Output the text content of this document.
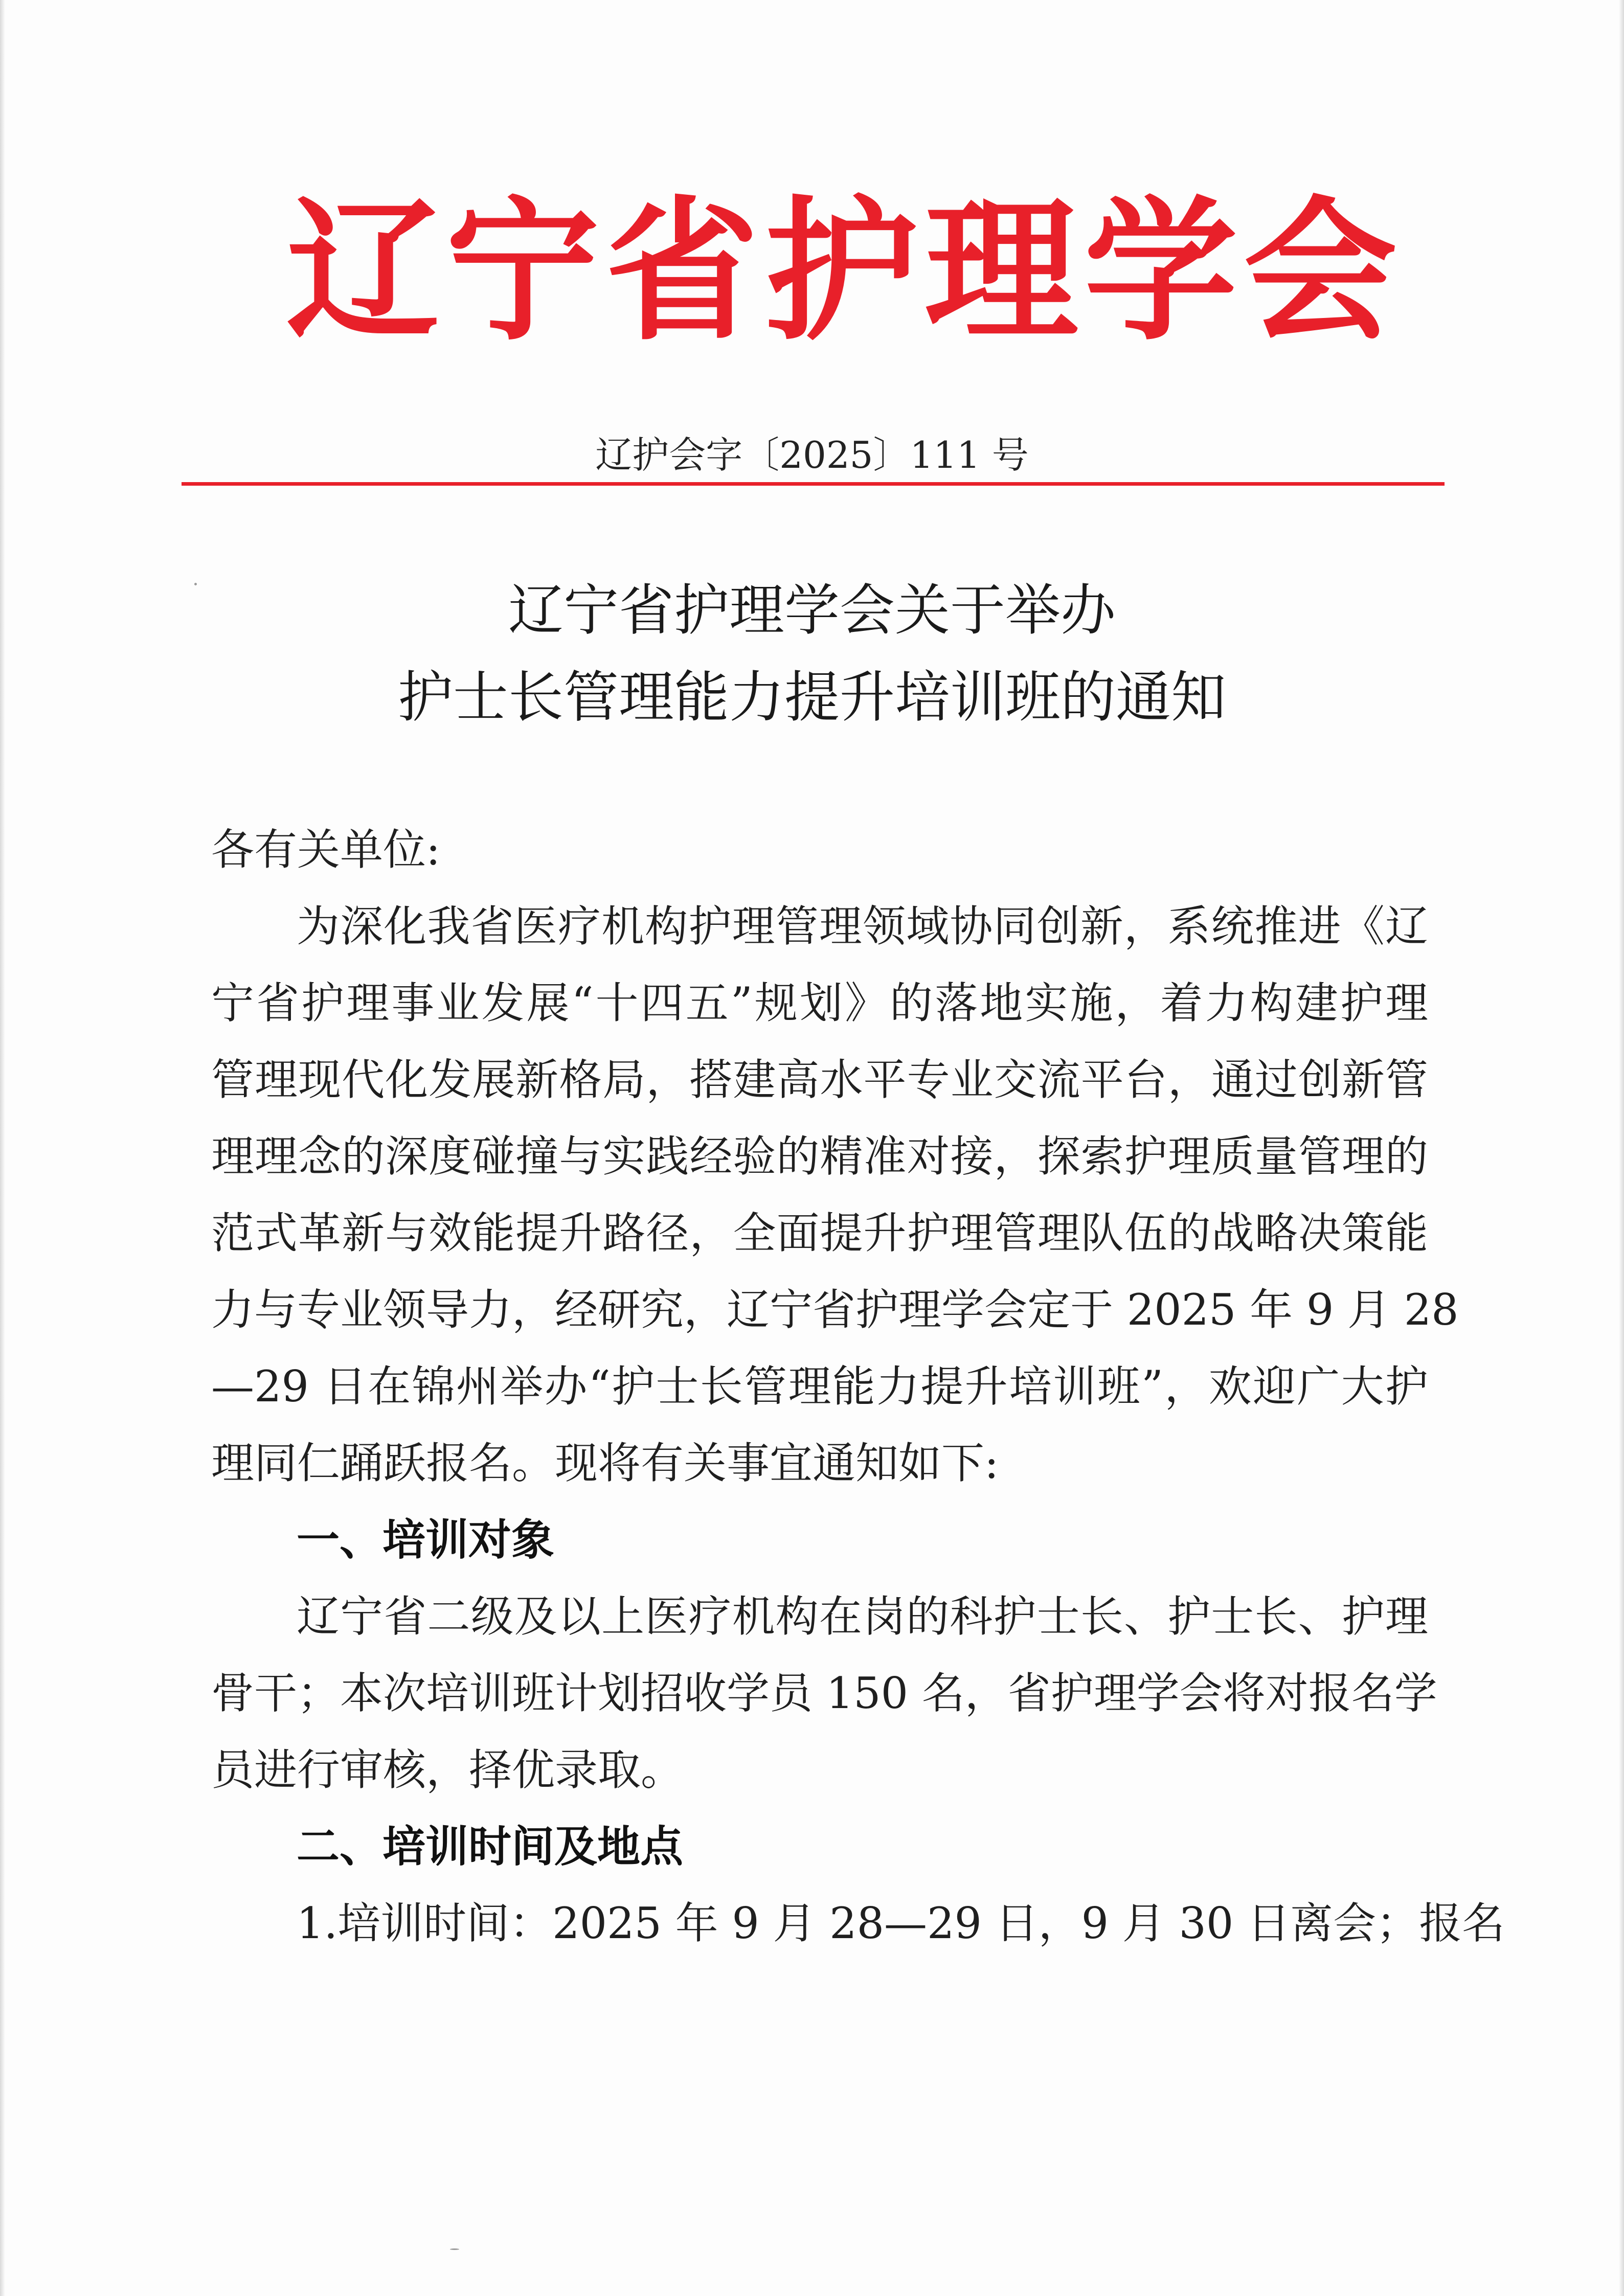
辽宁省护理学会
辽护会字〔2025〕111 号
辽宁省护理学会关于举办
护士长管理能力提升培训班的通知
各有关单位:
为深化我省医疗机构护理管理领域协同创新，系统推进《辽
宁省护理事业发展“十四五”规划》的落地实施，着力构建护理
管理现代化发展新格局，搭建高水平专业交流平台，通过创新管
理理念的深度碰撞与实践经验的精准对接，探索护理质量管理的
范式革新与效能提升路径，全面提升护理管理队伍的战略决策能
力与专业领导力，经研究，辽宁省护理学会定于 2025 年 9 月 28
—29 日在锦州举办“护士长管理能力提升培训班”，欢迎广大护
理同仁踊跃报名。现将有关事宜通知如下:
一、培训对象
辽宁省二级及以上医疗机构在岗的科护士长、护士长、护理
骨干；本次培训班计划招收学员 150 名，省护理学会将对报名学
员进行审核，择优录取。
二、培训时间及地点
1.培训时间：2025 年 9 月 28—29 日，9 月 30 日离会；报名
